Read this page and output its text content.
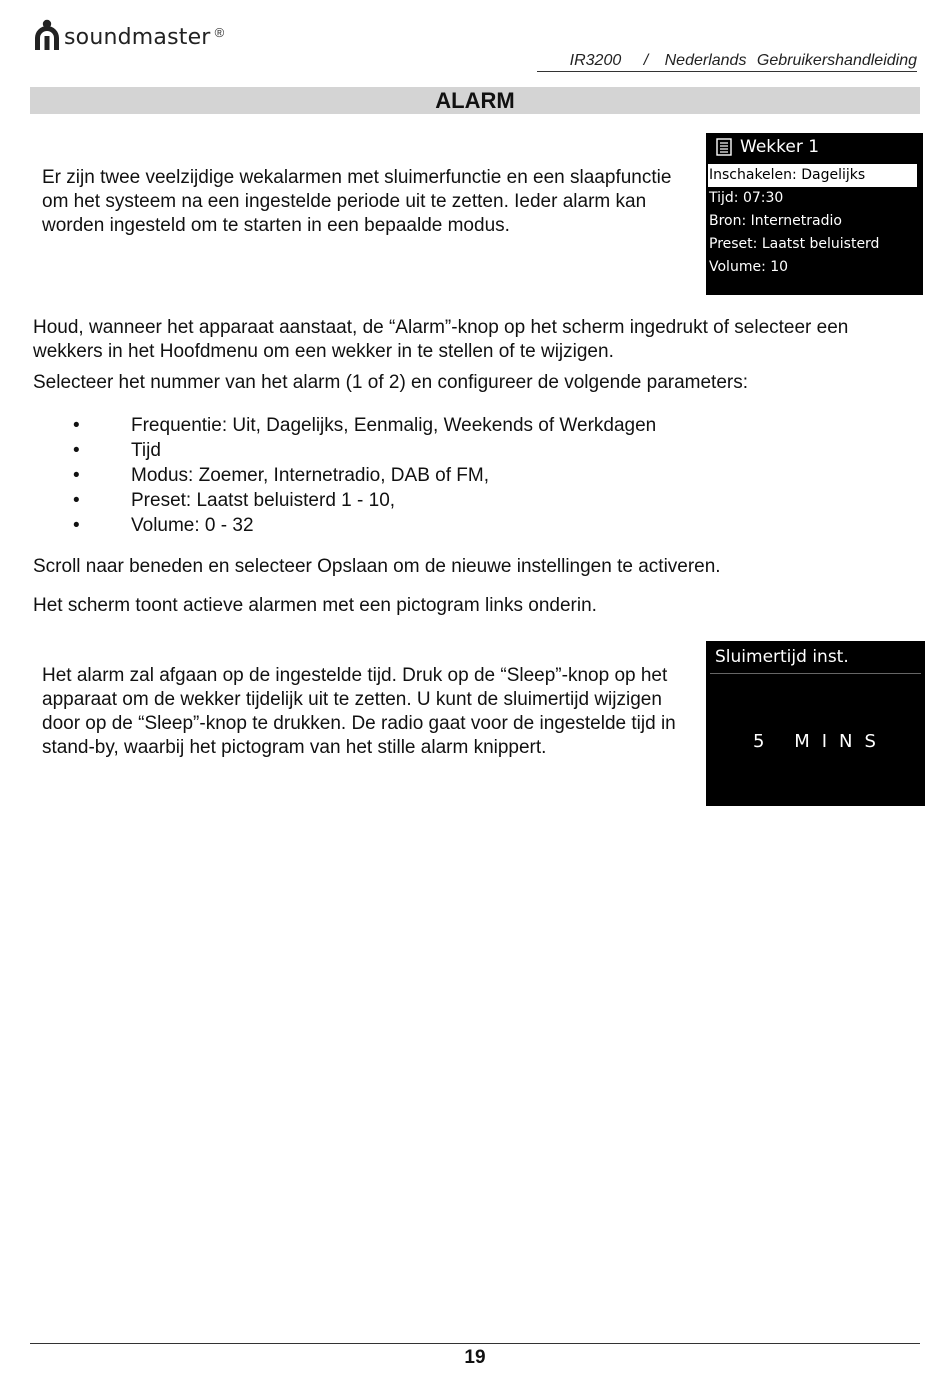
soundmaster ®
IR3200 / Nederlands Gebruikershandleiding
ALARM

Er zijn twee veelzijdige wekalarmen met sluimerfunctie en een slaapfunctie om het systeem na een ingestelde periode uit te zetten. Ieder alarm kan worden ingesteld om te starten in een bepaalde modus.

Wekker 1
Inschakelen: Dagelijks
Tijd: 07:30
Bron: Internetradio
Preset: Laatst beluisterd
Volume: 10

Houd, wanneer het apparaat aanstaat, de “Alarm”-knop op het scherm ingedrukt of selecteer een wekkers in het Hoofdmenu om een wekker in te stellen of te wijzigen.

Selecteer het nummer van het alarm (1 of 2) en configureer de volgende parameters:

•	Frequentie: Uit, Dagelijks, Eenmalig, Weekends of Werkdagen
•	Tijd
•	Modus: Zoemer, Internetradio, DAB of FM,
•	Preset: Laatst beluisterd 1 - 10,
•	Volume: 0 - 32

Scroll naar beneden en selecteer Opslaan om de nieuwe instellingen te activeren.

Het scherm toont actieve alarmen met een pictogram links onderin.

Het alarm zal afgaan op de ingestelde tijd. Druk op de “Sleep”-knop op het apparaat om de wekker tijdelijk uit te zetten. U kunt de sluimertijd wijzigen door op de “Sleep”-knop te drukken. De radio gaat voor de ingestelde tijd in stand-by, waarbij het pictogram van het stille alarm knippert.

Sluimertijd inst.
5 MINS
19
